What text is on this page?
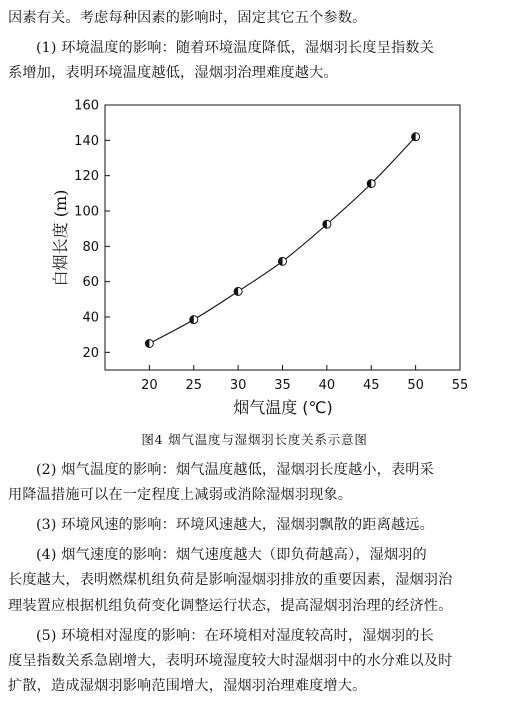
因素有关。考虑每种因素的影响时，固定其它五个参数。
(1) 环境温度的影响：随着环境温度降低，湿烟羽长度呈指数关
系增加，表明环境温度越低，湿烟羽治理难度越大。
20
40
60
80
100
120
140
160
20 25 30 35 40 45 50 55
白烟长度 (m)
烟气温度 (℃)
图4 烟气温度与湿烟羽长度关系示意图
(2) 烟气温度的影响：烟气温度越低，湿烟羽长度越小，表明采
用降温措施可以在一定程度上减弱或消除湿烟羽现象。
(3) 环境风速的影响：环境风速越大，湿烟羽飘散的距离越远。
(4) 烟气速度的影响：烟气速度越大（即负荷越高），湿烟羽的
长度越大，表明燃煤机组负荷是影响湿烟羽排放的重要因素，湿烟羽治
理装置应根据机组负荷变化调整运行状态，提高湿烟羽治理的经济性。
(5) 环境相对湿度的影响：在环境相对湿度较高时，湿烟羽的长
度呈指数关系急剧增大，表明环境湿度较大时湿烟羽中的水分难以及时
扩散，造成湿烟羽影响范围增大，湿烟羽治理难度增大。
